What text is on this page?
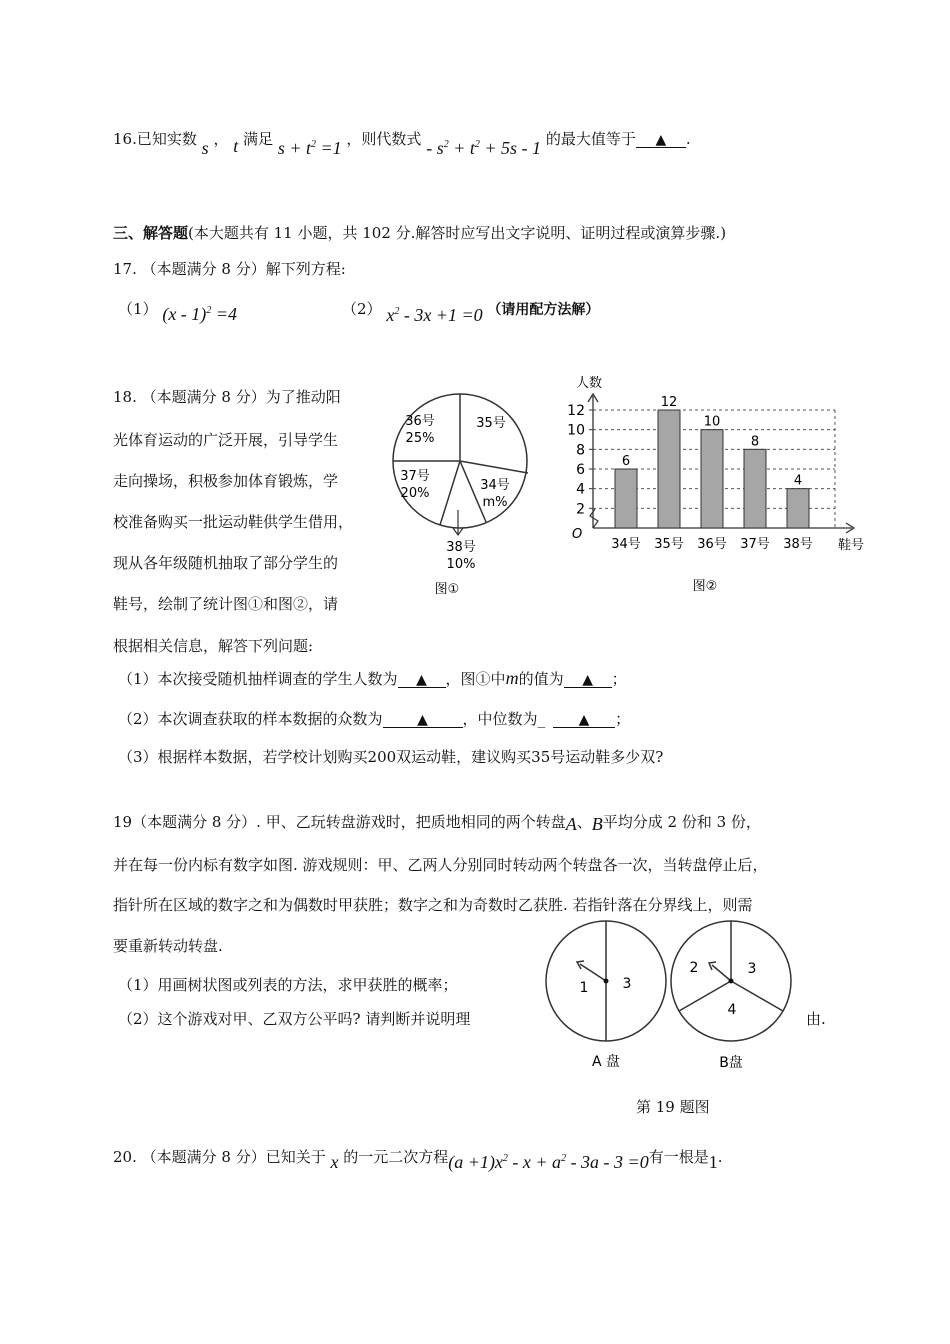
16.已知实数 s ， t 满足 $s + t^2 =1$ ，则代数式 - $s^2 + t^2 + 5s - 1$ 的最大值等于 ▲ .
三、解答题(本大题共有 11 小题，共 102 分.解答时应写出文字说明、证明过程或演算步骤.)
17. （本题满分 8 分）解下列方程:
（1） (x - 1)$^2$ =4	（2） $x^2 - 3x +1 =0$ （请用配方法解）
18. （本题满分 8 分）为了推动阳
光体育运动的广泛开展，引导学生
走向操场，积极参加体育锻炼，学
校准备购买一批运动鞋供学生借用，
现从各年级随机抽取了部分学生的
鞋号，绘制了统计图①和图②，请
根据相关信息，解答下列问题:
36号
25%
35号
37号
20%
34号
m%
38号
10%
图①
人数
O
鞋号
图②
2
4
6
8
10
12
6
34号
12
35号
10
36号
8
37号
4
38号
（1）本次接受随机抽样调查的学生人数为 ▲ ，图①中m的值为 ▲ ；
（2）本次调查获取的样本数据的众数为 ▲ ，中位数为_ ▲ ；
（3）根据样本数据，若学校计划购买200双运动鞋，建议购买35号运动鞋多少双?
19（本题满分 8 分）. 甲、乙玩转盘游戏时，把质地相同的两个转盘A、B平均分成 2 份和 3 份，
并在每一份内标有数字如图. 游戏规则：甲、乙两人分别同时转动两个转盘各一次，当转盘停止后，
指针所在区域的数字之和为偶数时甲获胜；数字之和为奇数时乙获胜. 若指针落在分界线上，则需
要重新转动转盘.
（1）用画树状图或列表的方法，求甲获胜的概率；
（2）这个游戏对甲、乙双方公平吗? 请判断并说明理	由.
1 3
A 盘
2	3
4
B盘
第 19 题图
20. （本题满分 8 分）已知关于 x 的一元二次方程$(a +1)x^2 - x + a^2 - 3a - 3 =0$有一根是1.
